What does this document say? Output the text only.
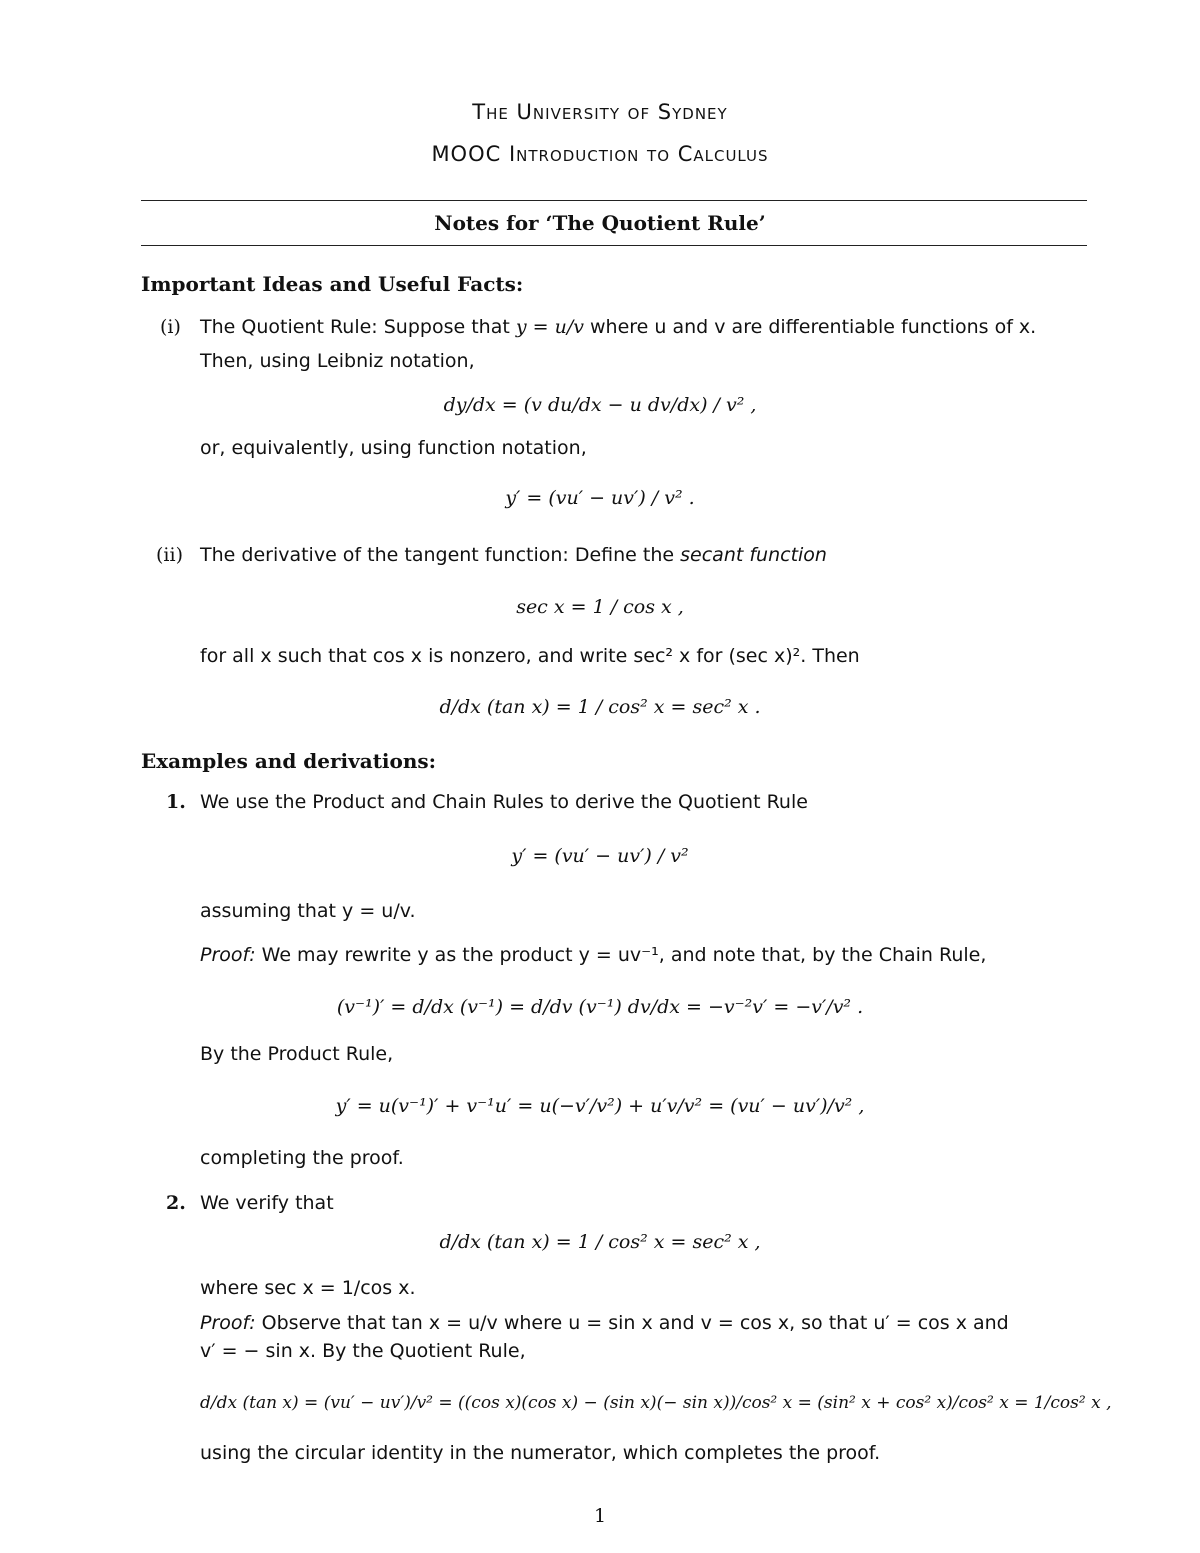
The University of Sydney
MOOC Introduction to Calculus
Notes for ‘The Quotient Rule’
Important Ideas and Useful Facts:
(i) The Quotient Rule: Suppose that y = u/v where u and v are differentiable functions of x.
Then, using Leibniz notation,
dy/dx = (v du/dx − u dv/dx) / v² ,
or, equivalently, using function notation,
y′ = (vu′ − uv′) / v² .
(ii) The derivative of the tangent function: Define the secant function
sec x = 1 / cos x ,
for all x such that cos x is nonzero, and write sec² x for (sec x)². Then
d/dx (tan x) = 1 / cos² x = sec² x .
Examples and derivations:
1. We use the Product and Chain Rules to derive the Quotient Rule
y′ = (vu′ − uv′) / v²
assuming that y = u/v.
Proof: We may rewrite y as the product y = uv⁻¹, and note that, by the Chain Rule,
(v⁻¹)′ = d/dx (v⁻¹) = d/dv (v⁻¹) dv/dx = −v⁻²v′ = −v′/v² .
By the Product Rule,
y′ = u(v⁻¹)′ + v⁻¹u′ = u(−v′/v²) + u′v/v² = (vu′ − uv′)/v² ,
completing the proof.
2. We verify that
d/dx (tan x) = 1 / cos² x = sec² x ,
where sec x = 1/cos x.
Proof: Observe that tan x = u/v where u = sin x and v = cos x, so that u′ = cos x and
v′ = − sin x. By the Quotient Rule,
d/dx (tan x) = (vu′ − uv′)/v² = ((cos x)(cos x) − (sin x)(− sin x))/cos² x = (sin² x + cos² x)/cos² x = 1/cos² x ,
using the circular identity in the numerator, which completes the proof.
1
